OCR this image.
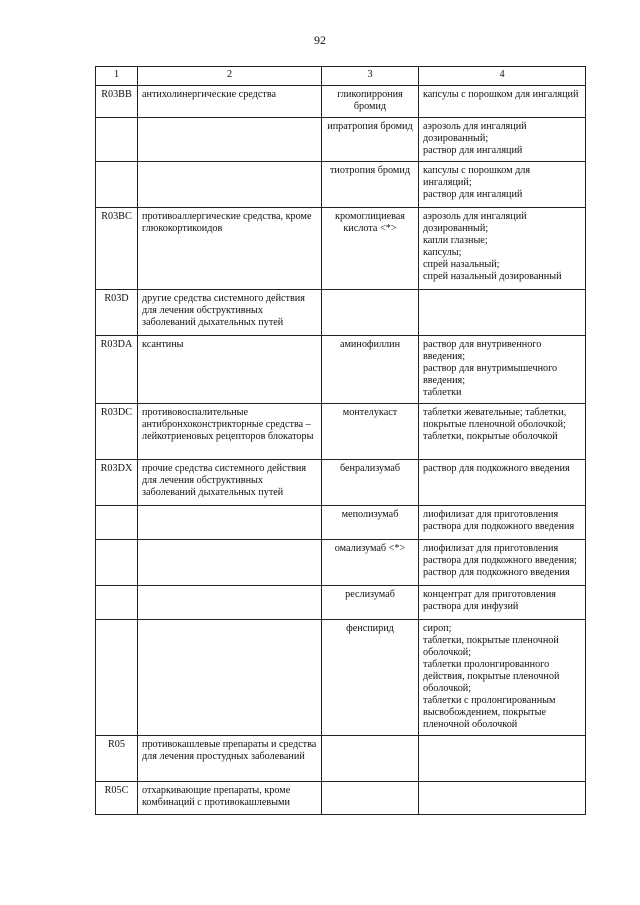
92
1	2	3	4
R03BB	антихолинергические средства	гликопиррония бромид	капсулы с порошком для ингаляций
		ипратропия бромид	аэрозоль для ингаляций дозированный;
раствор для ингаляций
		тиотропия бромид	капсулы с порошком для ингаляций;
раствор для ингаляций
R03BC	противоаллергические средства, кроме глюкокортикоидов	кромоглициевая кислота <*>	аэрозоль для ингаляций дозированный;
капли глазные;
капсулы;
спрей назальный;
спрей назальный дозированный
R03D	другие средства системного действия для лечения обструктивных заболеваний дыхательных путей		
R03DA	ксантины	аминофиллин	раствор для внутривенного введения;
раствор для внутримышечного введения;
таблетки
R03DC	противовоспалительные антибронхоконстрикторные средства – лейкотриеновых рецепторов блокаторы	монтелукаст	таблетки жевательные; таблетки, покрытые пленочной оболочкой;
таблетки, покрытые оболочкой
R03DX	прочие средства системного действия для лечения обструктивных заболеваний дыхательных путей	бенрализумаб	раствор для подкожного введения
		меполизумаб	лиофилизат для приготовления раствора для подкожного введения
		омализумаб <*>	лиофилизат для приготовления раствора для подкожного введения;
раствор для подкожного введения
		реслизумаб	концентрат для приготовления раствора для инфузий
		фенспирид	сироп;
таблетки, покрытые пленочной оболочкой;
таблетки пролонгированного действия, покрытые пленочной оболочкой;
таблетки с пролонгированным высвобождением, покрытые пленочной оболочкой
R05	противокашлевые препараты и средства для лечения простудных заболеваний		
R05C	отхаркивающие препараты, кроме комбинаций с противокашлевыми		
